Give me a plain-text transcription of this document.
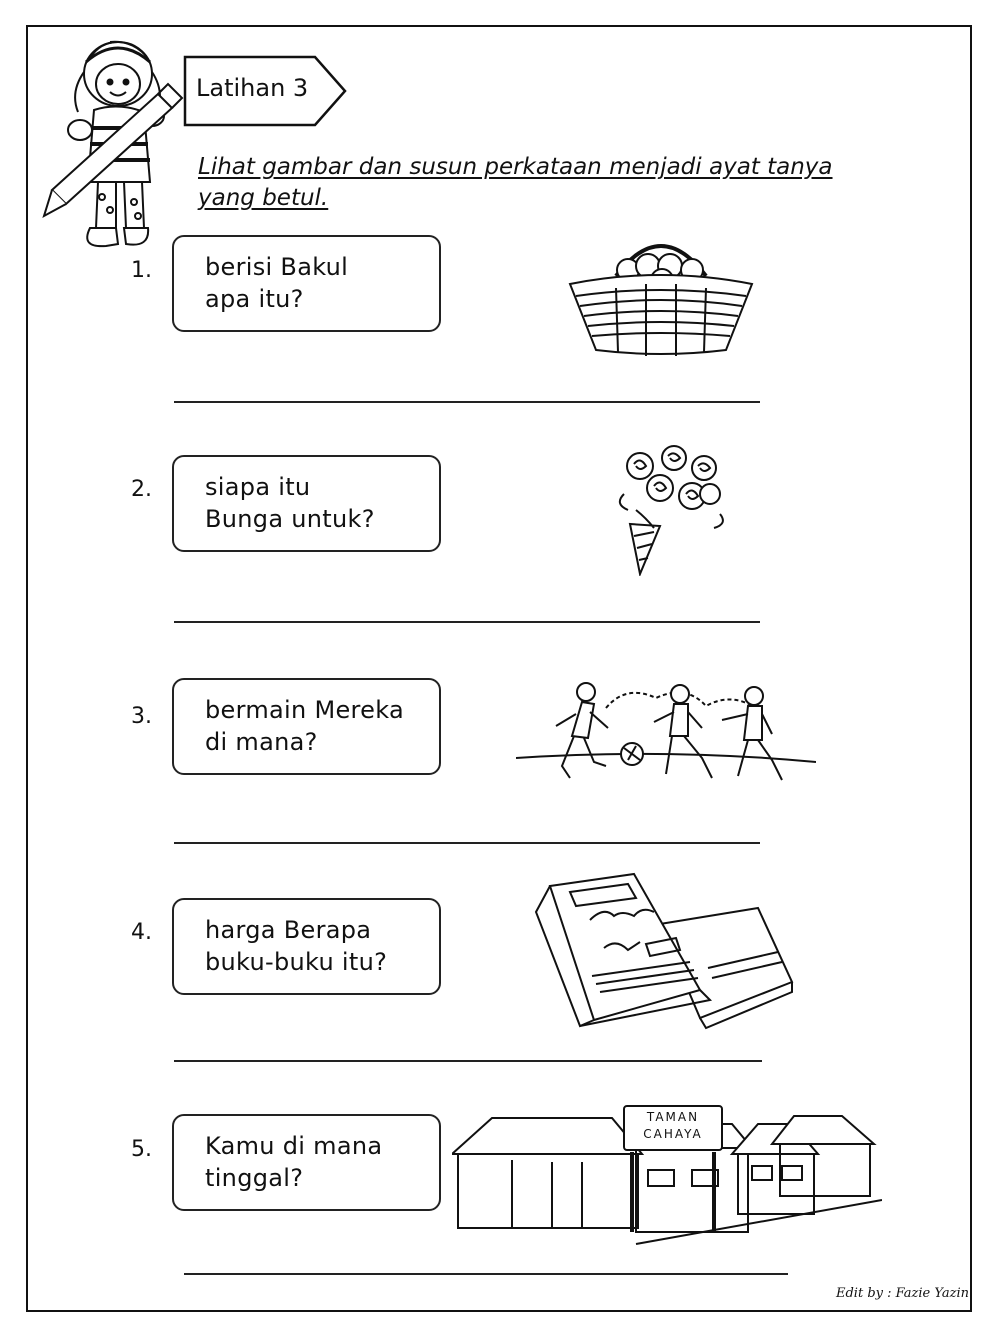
Latihan 3
Lihat gambar dan susun perkataan menjadi ayat tanya yang betul.
1. berisi Bakul
apa itu?
2. siapa itu
Bunga untuk?
3. bermain Mereka
di mana?
4. harga Berapa
buku-buku itu?
5. Kamu di mana
tinggal?
TAMAN
CAHAYA
Edit by : Fazie Yazin
